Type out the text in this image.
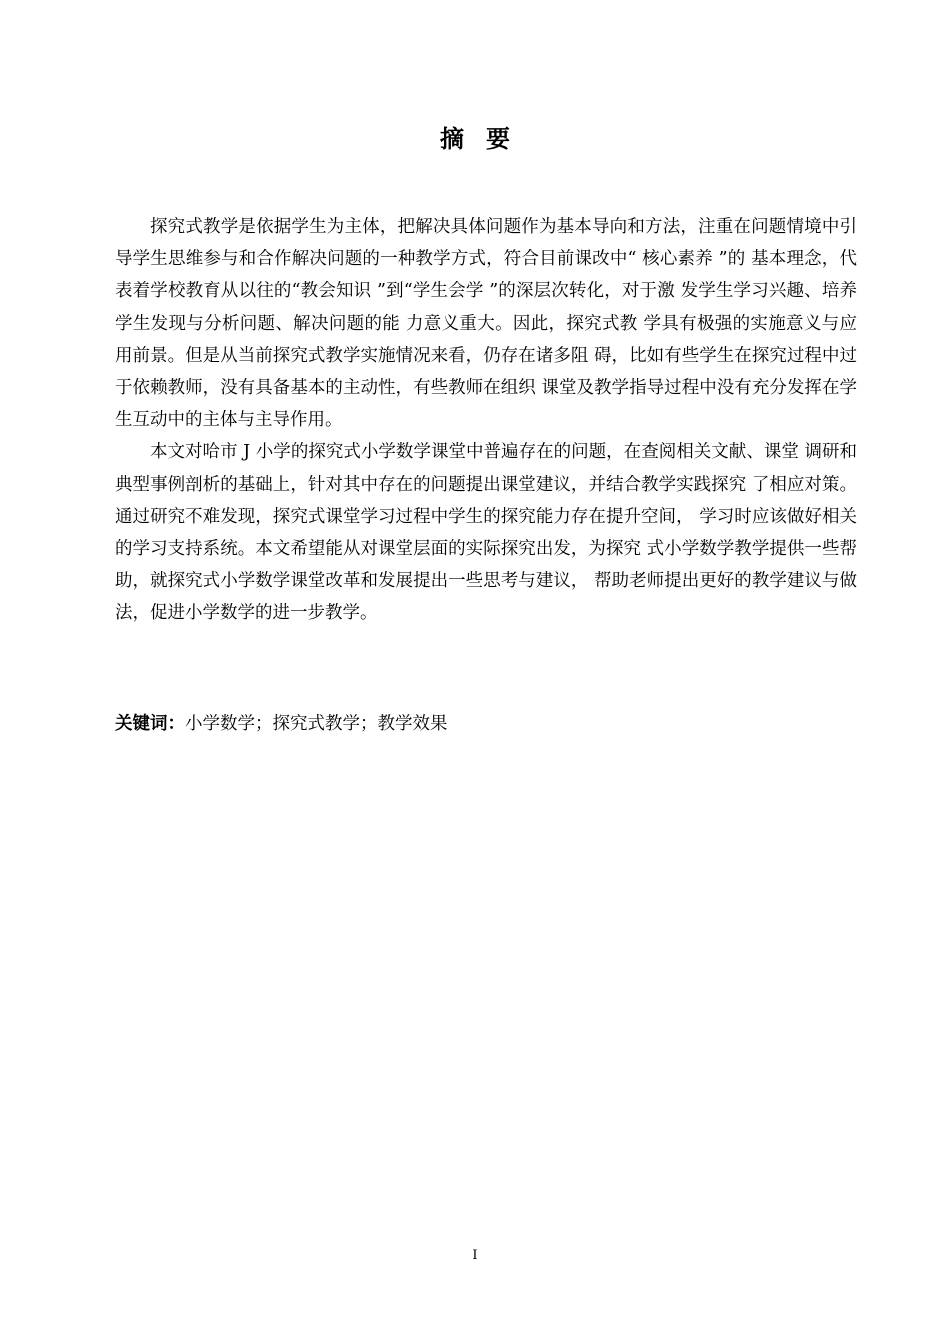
摘要

探究式教学是依据学生为主体，把解决具体问题作为基本导向和方法，注重在问题情境中引导学生思维参与和合作解决问题的一种教学方式，符合目前课改中“ 核心素养 ”的 基本理念，代表着学校教育从以往的“教会知识 ”到“学生会学 ”的深层次转化，对于激 发学生学习兴趣、培养学生发现与分析问题、解决问题的能 力意义重大。因此，探究式教 学具有极强的实施意义与应用前景。但是从当前探究式教学实施情况来看，仍存在诸多阻 碍，比如有些学生在探究过程中过于依赖教师，没有具备基本的主动性，有些教师在组织 课堂及教学指导过程中没有充分发挥在学生互动中的主体与主导作用。

本文对哈市 J 小学的探究式小学数学课堂中普遍存在的问题，在查阅相关文献、课堂 调研和典型事例剖析的基础上，针对其中存在的问题提出课堂建议，并结合教学实践探究 了相应对策。通过研究不难发现，探究式课堂学习过程中学生的探究能力存在提升空间， 学习时应该做好相关的学习支持系统。本文希望能从对课堂层面的实际探究出发，为探究 式小学数学教学提供一些帮助，就探究式小学数学课堂改革和发展提出一些思考与建议， 帮助老师提出更好的教学建议与做法，促进小学数学的进一步教学。

关键词：小学数学；探究式教学；教学效果
I
